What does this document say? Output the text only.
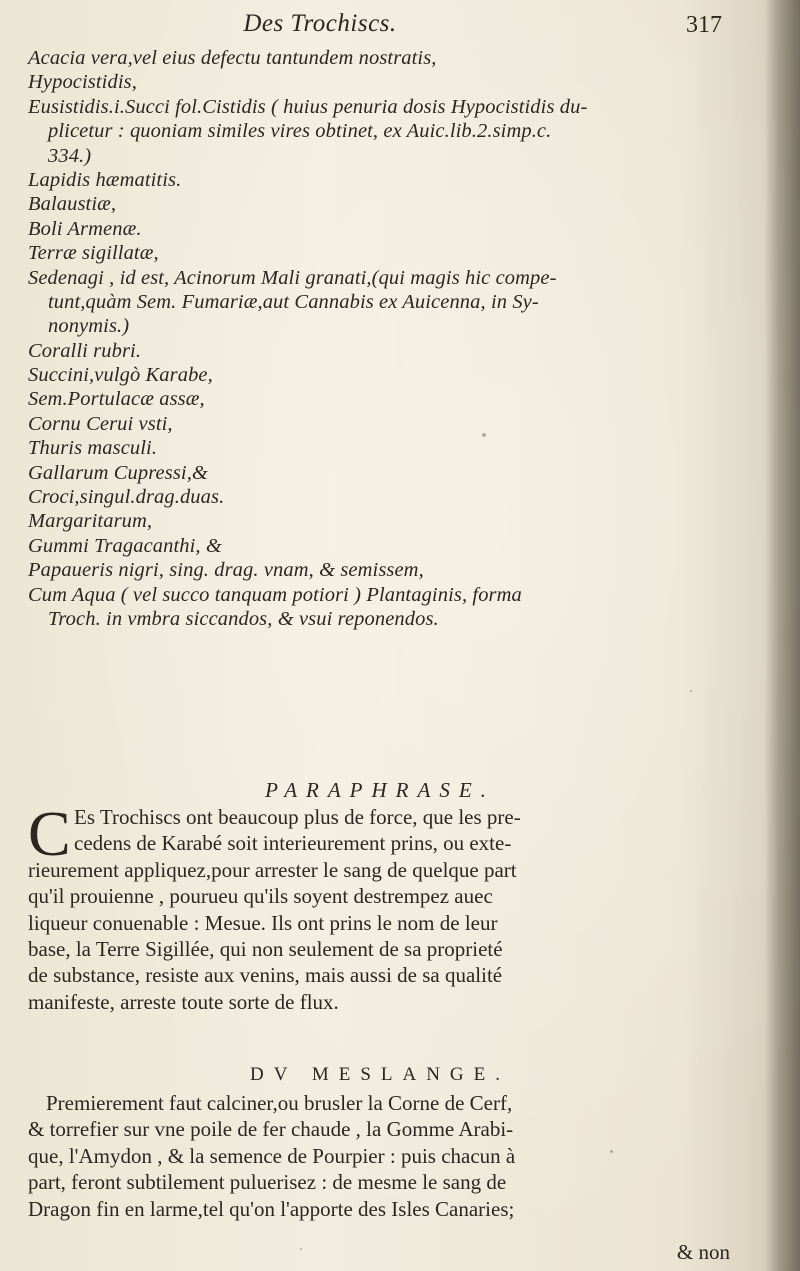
Des Trochiscs.	317
Acacia vera,vel eius defectu tantundem nostratis,
Hypocistidis,
Eusistidis.i.Succi fol.Cistidis ( huius penuria dosis Hypocistidis du-
plicetur : quoniam similes vires obtinet, ex Auic.lib.2.simp.c.
334.)
Lapidis hæmatitis.
Balaustiæ,
Boli Armenæ.
Terræ sigillatæ,
Sedenagi , id est, Acinorum Mali granati,(qui magis hic compe-
tunt,quàm Sem. Fumariæ,aut Cannabis ex Auicenna, in Sy-
nonymis.)
Coralli rubri.
Succini,vulgò Karabe,
Sem.Portulacæ assæ,
Cornu Cerui vsti,
Thuris masculi.
Gallarum Cupressi,&
Croci,singul.drag.duas.
Margaritarum,
Gummi Tragacanthi, &
Papaueris nigri, sing. drag. vnam, & semissem,
Cum Aqua ( vel succo tanquam potiori ) Plantaginis, forma
Troch. in vmbra siccandos, & vsui reponendos.
PARAPHRASE.
C Es Trochiscs ont beaucoup plus de force, que les pre-
cedens de Karabé soit interieurement prins, ou exte-
rieurement appliquez,pour arrester le sang de quelque part
qu'il prouienne , pourueu qu'ils soyent destrempez auec
liqueur conuenable : Mesue. Ils ont prins le nom de leur
base, la Terre Sigillée, qui non seulement de sa proprieté
de substance, resiste aux venins, mais aussi de sa qualité
manifeste, arreste toute sorte de flux.
DV MESLANGE.
Premierement faut calciner,ou brusler la Corne de Cerf,
& torrefier sur vne poile de fer chaude , la Gomme Arabi-
que, l'Amydon , & la semence de Pourpier : puis chacun à
part, feront subtilement puluerisez : de mesme le sang de
Dragon fin en larme,tel qu'on l'apporte des Isles Canaries;
& non
